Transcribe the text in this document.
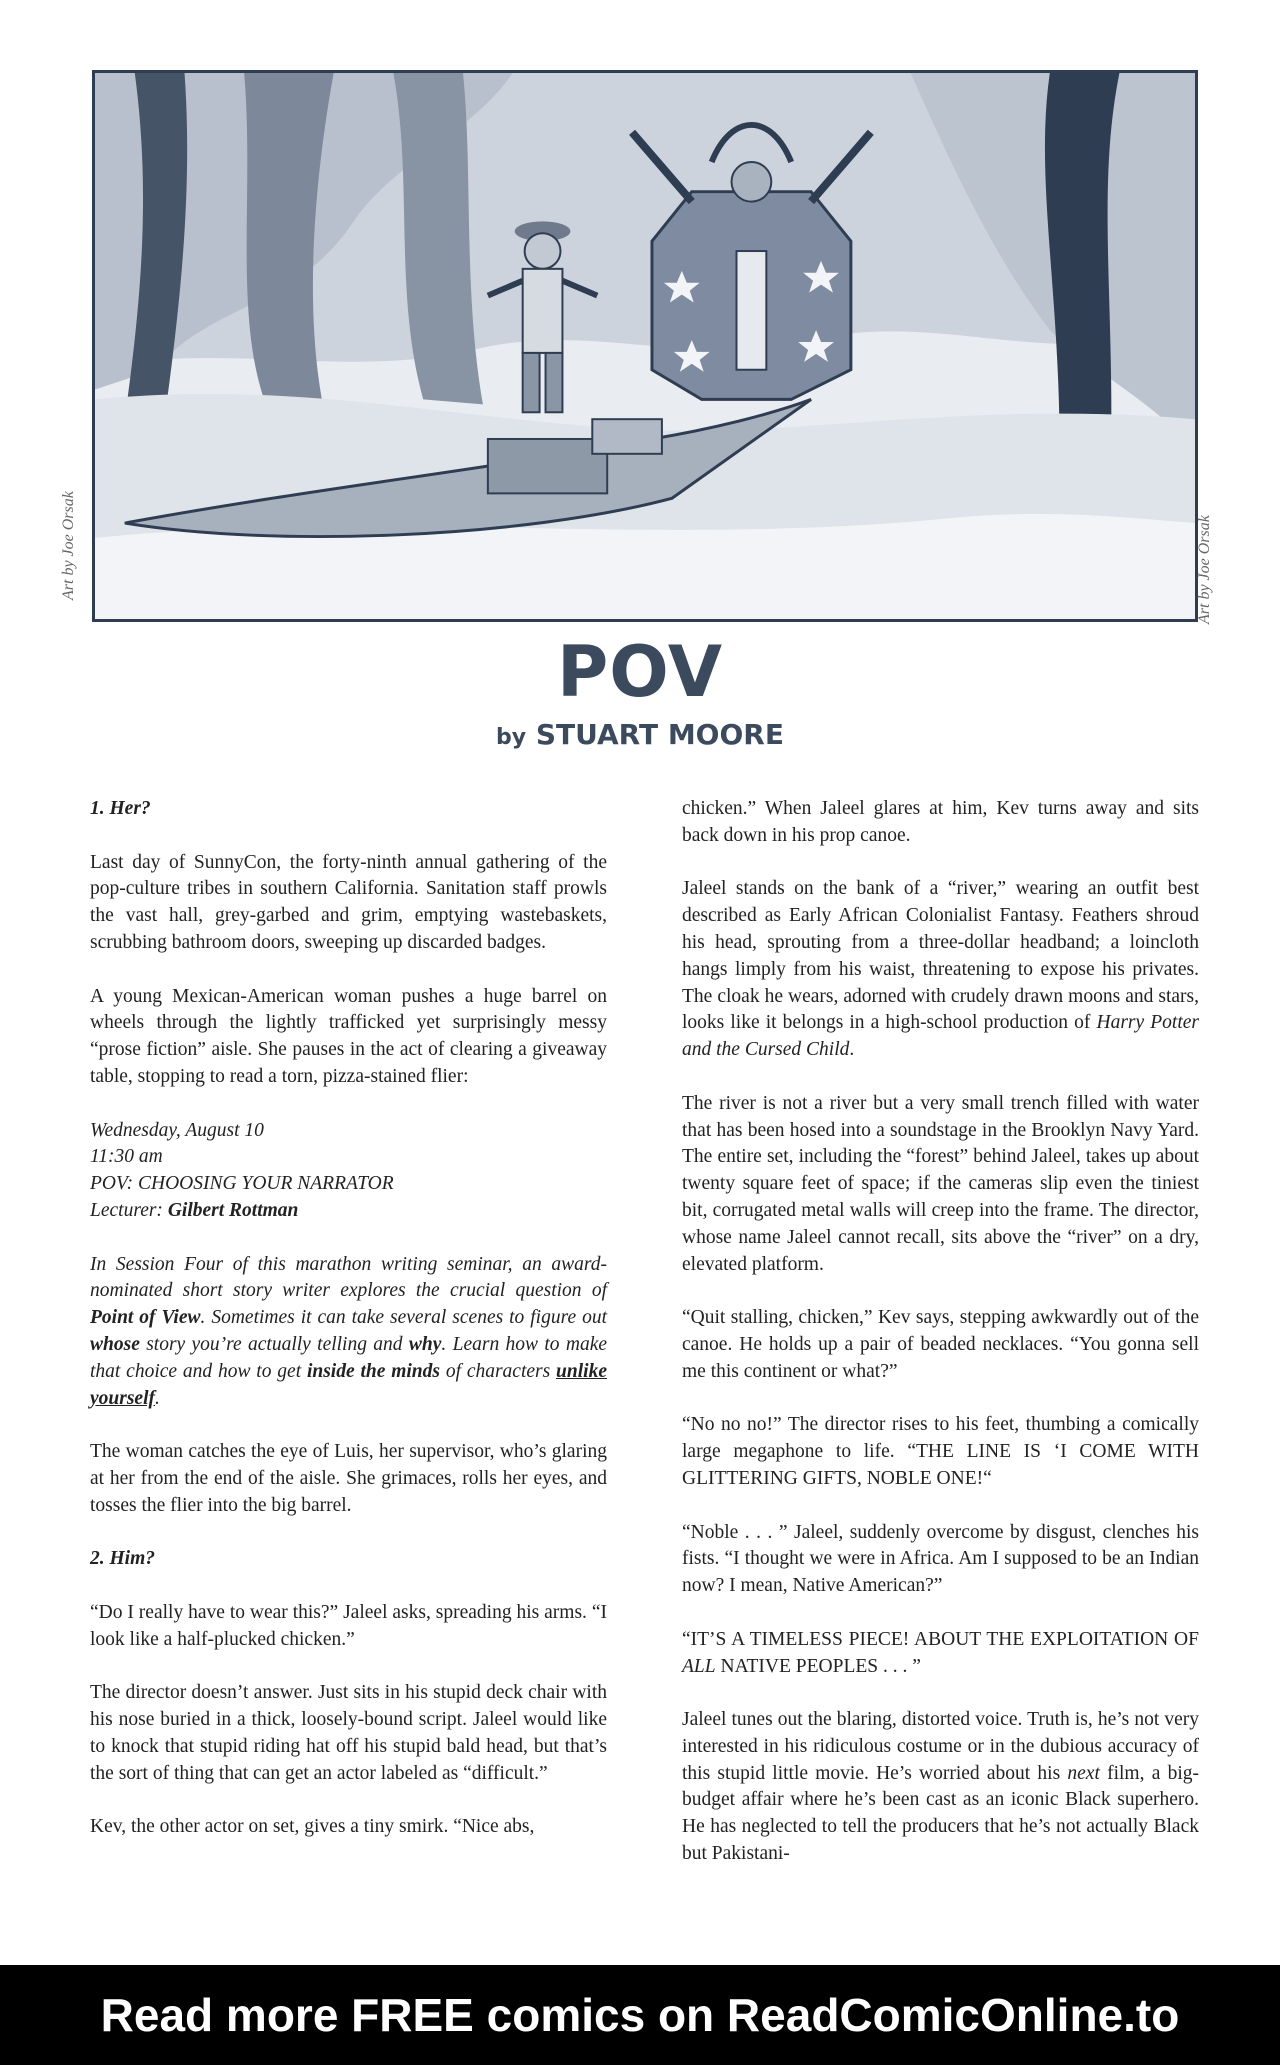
Art by Joe Orsak	Art by Joe Orsak
POV

by STUART MOORE

1. Her?

Last day of SunnyCon, the forty-ninth annual gathering of the pop-culture tribes in southern California. Sanitation staff prowls the vast hall, grey-garbed and grim, emptying wastebaskets, scrubbing bathroom doors, sweeping up discarded badges.

A young Mexican-American woman pushes a huge barrel on wheels through the lightly trafficked yet surprisingly messy “prose fiction” aisle. She pauses in the act of clearing a giveaway table, stopping to read a torn, pizza-stained flier:

Wednesday, August 10

11:30 am

POV: CHOOSING YOUR NARRATOR

Lecturer: Gilbert Rottman

In Session Four of this marathon writing seminar, an award-nominated short story writer explores the crucial question of Point of View. Sometimes it can take several scenes to figure out whose story you’re actually telling and why. Learn how to make that choice and how to get inside the minds of characters unlike yourself.

The woman catches the eye of Luis, her supervisor, who’s glaring at her from the end of the aisle. She grimaces, rolls her eyes, and tosses the flier into the big barrel.

2. Him?

“Do I really have to wear this?” Jaleel asks, spreading his arms. “I look like a half-plucked chicken.”

The director doesn’t answer. Just sits in his stupid deck chair with his nose buried in a thick, loosely-bound script. Jaleel would like to knock that stupid riding hat off his stupid bald head, but that’s the sort of thing that can get an actor labeled as “difficult.”

Kev, the other actor on set, gives a tiny smirk. “Nice abs,

chicken.” When Jaleel glares at him, Kev turns away and sits back down in his prop canoe.

Jaleel stands on the bank of a “river,” wearing an outfit best described as Early African Colonialist Fantasy. Feathers shroud his head, sprouting from a three-dollar headband; a loincloth hangs limply from his waist, threatening to expose his privates. The cloak he wears, adorned with crudely drawn moons and stars, looks like it belongs in a high-school production of Harry Potter and the Cursed Child.

The river is not a river but a very small trench filled with water that has been hosed into a soundstage in the Brooklyn Navy Yard. The entire set, including the “forest” behind Jaleel, takes up about twenty square feet of space; if the cameras slip even the tiniest bit, corrugated metal walls will creep into the frame. The director, whose name Jaleel cannot recall, sits above the “river” on a dry, elevated platform.

“Quit stalling, chicken,” Kev says, stepping awkwardly out of the canoe. He holds up a pair of beaded necklaces. “You gonna sell me this continent or what?”

“No no no!” The director rises to his feet, thumbing a comically large megaphone to life. “THE LINE IS ‘I COME WITH GLITTERING GIFTS, NOBLE ONE!“

“Noble . . . ” Jaleel, suddenly overcome by disgust, clenches his fists. “I thought we were in Africa. Am I supposed to be an Indian now? I mean, Native American?”

“IT’S A TIMELESS PIECE! ABOUT THE EXPLOITATION OF ALL NATIVE PEOPLES . . . ”

Jaleel tunes out the blaring, distorted voice. Truth is, he’s not very interested in his ridiculous costume or in the dubious accuracy of this stupid little movie. He’s worried about his next film, a big-budget affair where he’s been cast as an iconic Black superhero. He has neglected to tell the producers that he’s not actually Black but Pakistani-

Read more FREE comics on ReadComicOnline.to
